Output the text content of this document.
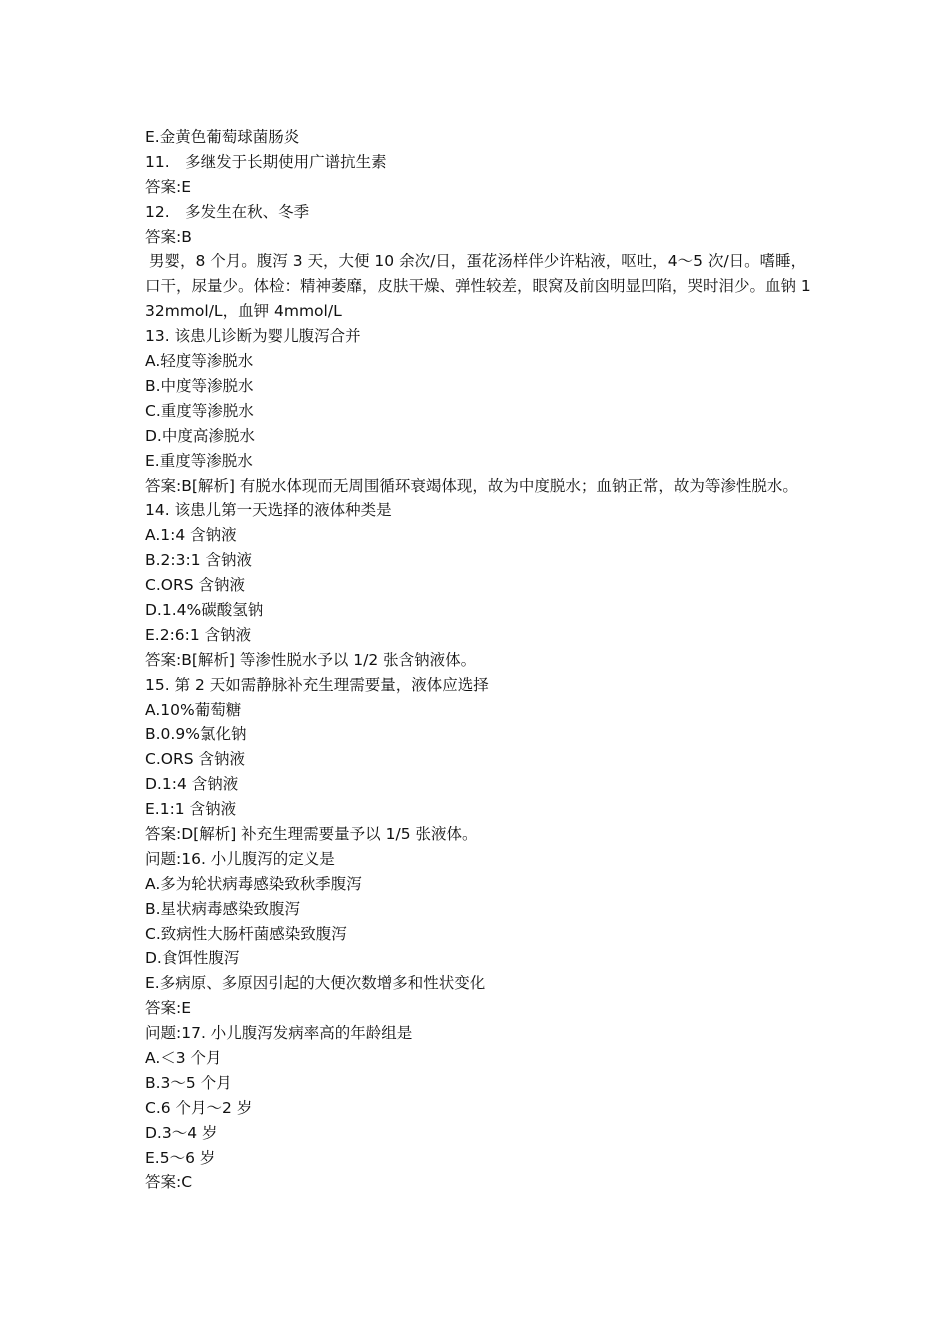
E.金黄色葡萄球菌肠炎
11.　多继发于长期使用广谱抗生素
答案:E
12.　多发生在秋、冬季
答案:B
男婴，8 个月。腹泻 3 天，大便 10 余次/日，蛋花汤样伴少许粘液，呕吐，4～5 次/日。嗜睡，口干，尿量少。体检：精神萎靡，皮肤干燥、弹性较差，眼窝及前囟明显凹陷，哭时泪少。血钠 132mmol/L，血钾 4mmol/L
13. 该患儿诊断为婴儿腹泻合并
A.轻度等渗脱水
B.中度等渗脱水
C.重度等渗脱水
D.中度高渗脱水
E.重度等渗脱水
答案:B[解析] 有脱水体现而无周围循环衰竭体现，故为中度脱水；血钠正常，故为等渗性脱水。
14. 该患儿第一天选择的液体种类是
A.1:4 含钠液
B.2:3:1 含钠液
C.ORS 含钠液
D.1.4%碳酸氢钠
E.2:6:1 含钠液
答案:B[解析] 等渗性脱水予以 1/2 张含钠液体。
15. 第 2 天如需静脉补充生理需要量，液体应选择
A.10%葡萄糖
B.0.9%氯化钠
C.ORS 含钠液
D.1:4 含钠液
E.1:1 含钠液
答案:D[解析] 补充生理需要量予以 1/5 张液体。
问题:16. 小儿腹泻的定义是
A.多为轮状病毒感染致秋季腹泻
B.星状病毒感染致腹泻
C.致病性大肠杆菌感染致腹泻
D.食饵性腹泻
E.多病原、多原因引起的大便次数增多和性状变化
答案:E
问题:17. 小儿腹泻发病率高的年龄组是
A.＜3 个月
B.3～5 个月
C.6 个月～2 岁
D.3～4 岁
E.5～6 岁
答案:C
